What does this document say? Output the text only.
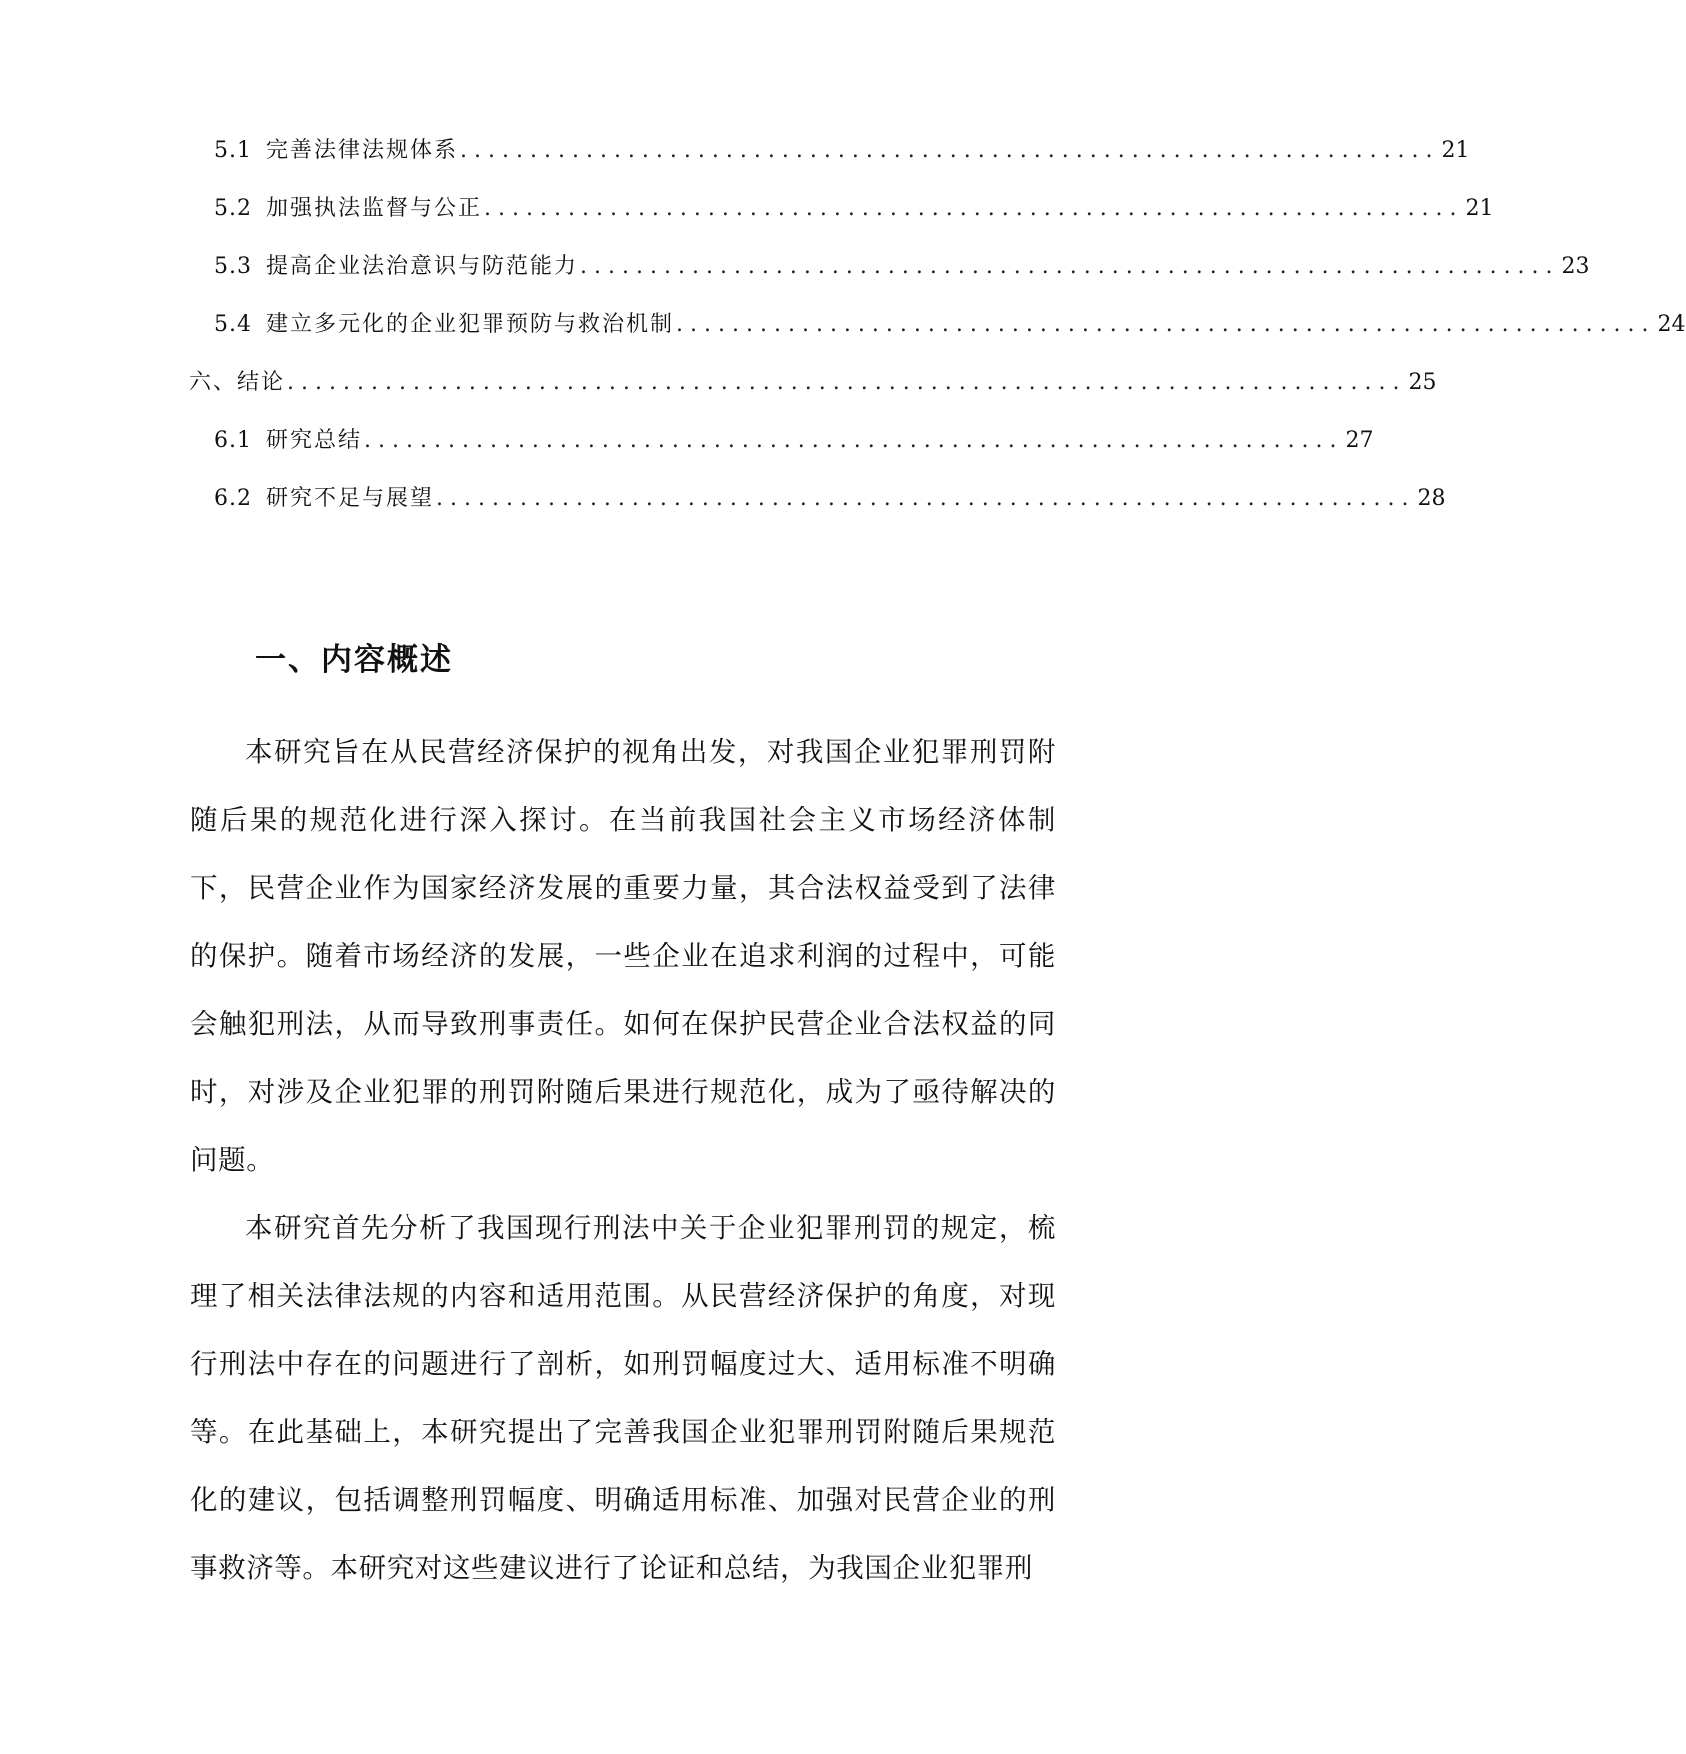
5.1 完善法律法规体系 ...................................................................... 21
5.2 加强执法监督与公正 ...................................................................... 21
5.3 提高企业法治意识与防范能力 ...................................................................... 23
5.4 建立多元化的企业犯罪预防与救治机制 ...................................................................... 24
六、结论 ................................................................................ 25
6.1 研究总结 ...................................................................... 27
6.2 研究不足与展望 ...................................................................... 28
一、内容概述

本研究旨在从民营经济保护的视角出发，对我国企业犯罪刑罚附随后果的规范化进行深入探讨。在当前我国社会主义市场经济体制下，民营企业作为国家经济发展的重要力量，其合法权益受到了法律的保护。随着市场经济的发展，一些企业在追求利润的过程中，可能会触犯刑法，从而导致刑事责任。如何在保护民营企业合法权益的同时，对涉及企业犯罪的刑罚附随后果进行规范化，成为了亟待解决的问题。

本研究首先分析了我国现行刑法中关于企业犯罪刑罚的规定，梳理了相关法律法规的内容和适用范围。从民营经济保护的角度，对现行刑法中存在的问题进行了剖析，如刑罚幅度过大、适用标准不明确等。在此基础上，本研究提出了完善我国企业犯罪刑罚附随后果规范化的建议，包括调整刑罚幅度、明确适用标准、加强对民营企业的刑事救济等。本研究对这些建议进行了论证和总结，为我国企业犯罪刑
